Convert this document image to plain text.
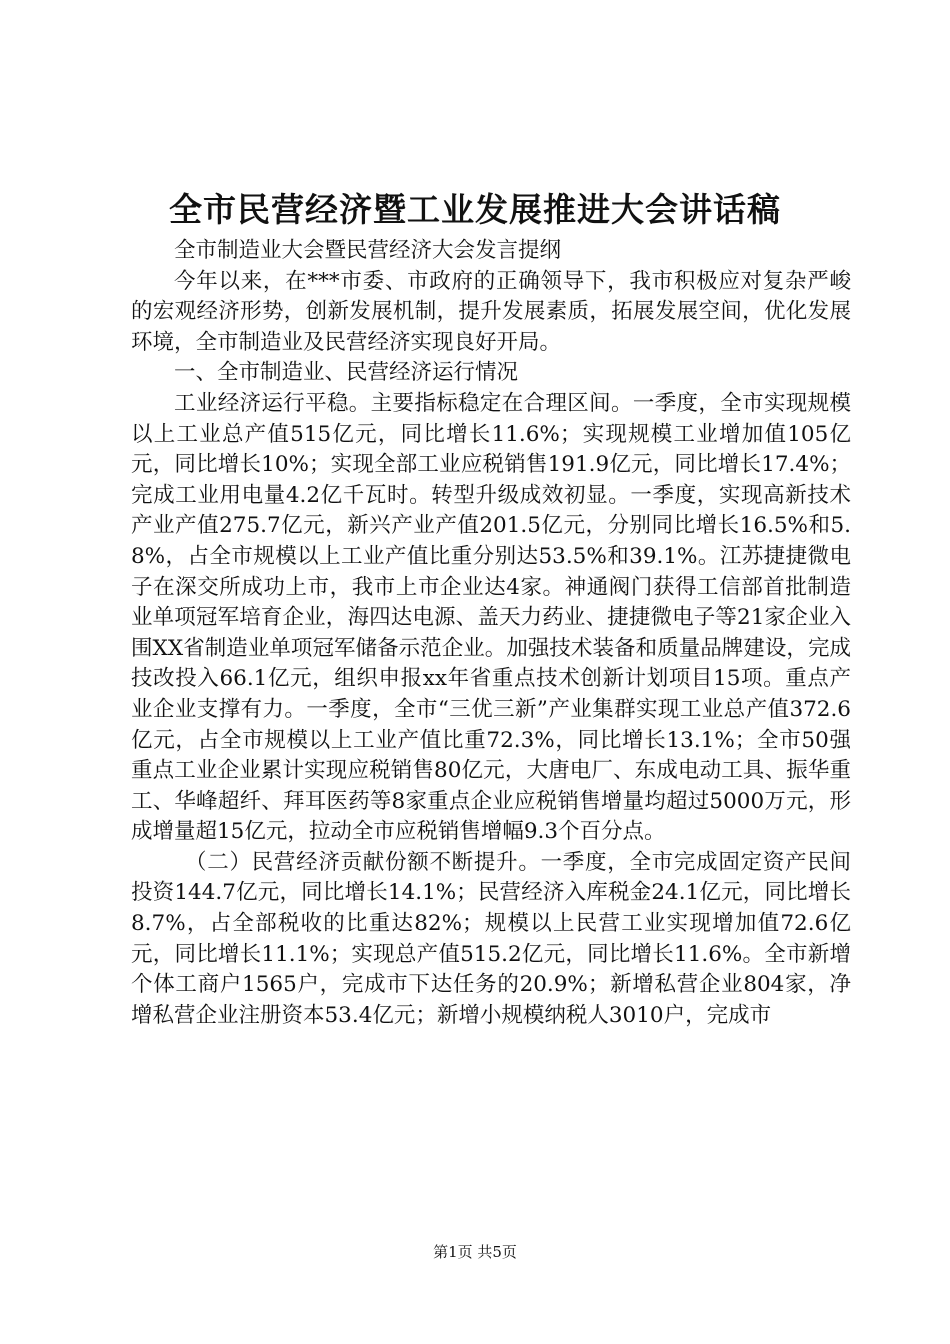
全市民营经济暨工业发展推进大会讲话稿

全市制造业大会暨民营经济大会发言提纲

今年以来，在***市委、市政府的正确领导下，我市积极应对复杂严峻的宏观经济形势，创新发展机制，提升发展素质，拓展发展空间，优化发展环境，全市制造业及民营经济实现良好开局。

一、全市制造业、民营经济运行情况

工业经济运行平稳。主要指标稳定在合理区间。一季度，全市实现规模以上工业总产值515亿元，同比增长11.6%；实现规模工业增加值105亿元，同比增长10%；实现全部工业应税销售191.9亿元，同比增长17.4%；完成工业用电量4.2亿千瓦时。转型升级成效初显。一季度，实现高新技术产业产值275.7亿元，新兴产业产值201.5亿元，分别同比增长16.5%和5.8%，占全市规模以上工业产值比重分别达53.5%和39.1%。江苏捷捷微电子在深交所成功上市，我市上市企业达4家。神通阀门获得工信部首批制造业单项冠军培育企业，海四达电源、盖天力药业、捷捷微电子等21家企业入围XX省制造业单项冠军储备示范企业。加强技术装备和质量品牌建设，完成技改投入66.1亿元，组织申报xx年省重点技术创新计划项目15项。重点产业企业支撑有力。一季度，全市“三优三新”产业集群实现工业总产值372.6亿元，占全市规模以上工业产值比重72.3%，同比增长13.1%；全市50强重点工业企业累计实现应税销售80亿元，大唐电厂、东成电动工具、振华重工、华峰超纤、拜耳医药等8家重点企业应税销售增量均超过5000万元，形成增量超15亿元，拉动全市应税销售增幅9.3个百分点。

（二）民营经济贡献份额不断提升。一季度，全市完成固定资产民间投资144.7亿元，同比增长14.1%；民营经济入库税金24.1亿元，同比增长8.7%，占全部税收的比重达82%；规模以上民营工业实现增加值72.6亿元，同比增长11.1%；实现总产值515.2亿元，同比增长11.6%。全市新增个体工商户1565户，完成市下达任务的20.9%；新增私营企业804家，净增私营企业注册资本53.4亿元；新增小规模纳税人3010户，完成市

第1页 共5页
